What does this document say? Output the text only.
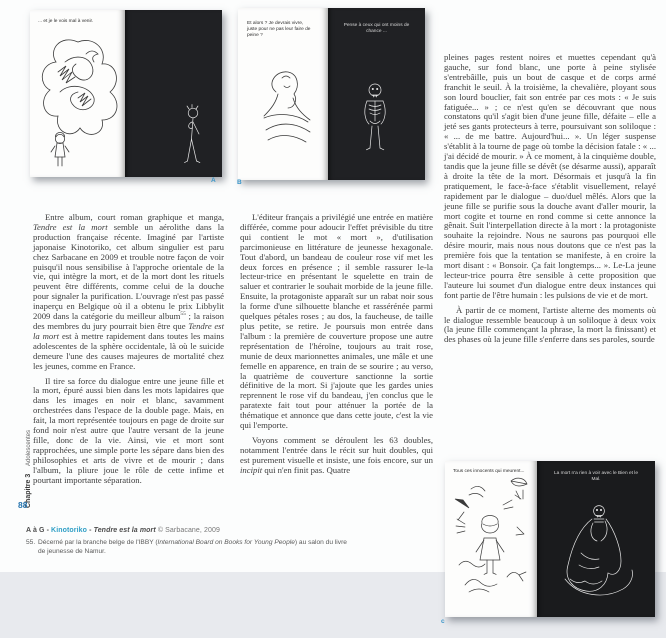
... et je le vois mal à venir.
A
Et alors ? Je devrais vivre, juste pour ne pas leur faire de peine ?
Pense à ceux qui ont moins de chance ...
B

Entre album, court roman graphique et manga, Tendre est la mort semble un aérolithe dans la production française récente. Imaginé par l'artiste japonaise Kinotoriko, cet album singulier est paru chez Sarbacane en 2009 et trouble notre façon de voir puisqu'il nous sensibilise à l'approche orientale de la vie, qui intègre la mort, et de la mort dont les rituels peuvent être différents, comme celui de la douche pour signaler la purification. L'ouvrage n'est pas passé inaperçu en Belgique où il a obtenu le prix Libbylit 2009 dans la catégorie du meilleur album$^{55}$ ; la raison des membres du jury pourrait bien être que Tendre est la mort est à mettre rapidement dans toutes les mains adolescentes de la sphère occidentale, là où le suicide demeure l'une des causes majeures de mortalité chez les jeunes, comme en France.

Il tire sa force du dialogue entre une jeune fille et la mort, épuré aussi bien dans les mots lapidaires que dans les images en noir et blanc, savamment orchestrées dans l'espace de la double page. Mais, en fait, la mort représentée toujours en page de droite sur fond noir n'est autre que l'autre versant de la jeune fille, donc de la vie. Ainsi, vie et mort sont rapprochées, une simple porte les sépare dans bien des philosophies et arts de vivre et de mourir ; dans l'album, la pliure joue le rôle de cette infime et pourtant importante séparation.

L'éditeur français a privilégié une entrée en matière différée, comme pour adoucir l'effet prévisible du titre qui contient le mot « mort », d'utilisation parcimonieuse en littérature de jeunesse hexagonale. Tout d'abord, un bandeau de couleur rose vif met les deux forces en présence ; il semble rassurer le-la lecteur-trice en présentant le squelette en train de saluer et contrarier le souhait morbide de la jeune fille. Ensuite, la protagoniste apparaît sur un rabat noir sous la forme d'une silhouette blanche et rassérénée parmi quelques pétales roses ; au dos, la faucheuse, de taille plus petite, se retire. Je poursuis mon entrée dans l'album : la première de couverture propose une autre représentation de l'héroïne, toujours au trait rose, munie de deux marionnettes animales, une mâle et une femelle en apparence, en train de se sourire ; au verso, la quatrième de couverture sanctionne la sortie définitive de la mort. Si j'ajoute que les gardes unies reprennent le rose vif du bandeau, j'en conclus que le paratexte fait tout pour atténuer la portée de la thématique et annonce que dans cette joute, c'est la vie qui l'emporte.

Voyons comment se déroulent les 63 doubles, notamment l'entrée dans le récit sur huit doubles, qui est purement visuelle et insiste, une fois encore, sur un incipit qui n'en finit pas. Quatre

pleines pages restent noires et muettes cependant qu'à gauche, sur fond blanc, une porte à peine stylisée s'entrebâille, puis un bout de casque et de corps armé franchit le seuil. À la troisième, la chevalière, ployant sous son lourd bouclier, fait son entrée par ces mots : « Je suis fatiguée... » ; ce n'est qu'en se découvrant que nous constatons qu'il s'agit bien d'une jeune fille, défaite – elle a jeté ses gants protecteurs à terre, poursuivant son soliloque : « ... de me battre. Aujourd'hui... ». Un léger suspense s'établit à la tourne de page où tombe la décision fatale : « ... j'ai décidé de mourir. » À ce moment, à la cinquième double, tandis que la jeune fille se dévêt (se désarme aussi), apparaît à droite la tête de la mort. Désormais et jusqu'à la fin pratiquement, le face-à-face s'établit visuellement, relayé rapidement par le dialogue – duo/duel mêlés. Alors que la jeune fille se purifie sous la douche avant d'aller mourir, la mort cogite et tourne en rond comme si cette annonce la gênait. Suit l'interpellation directe à la mort : la protagoniste souhaite la rejoindre. Nous ne saurons pas pourquoi elle désire mourir, mais nous nous doutons que ce n'est pas la première fois que la tentation se manifeste, à en croire la mort disant : « Bonsoir. Ça fait longtemps... ». Le-La jeune lecteur-trice pourra être sensible à cette proposition que l'auteure lui soumet d'un dialogue entre deux instances qui font partie de l'être humain : les pulsions de vie et de mort.

À partir de ce moment, l'artiste alterne des moments où le dialogue ressemble beaucoup à un soliloque à deux voix (la jeune fille commençant la phrase, la mort la finissant) et des phases où la jeune fille s'enferre dans ses paroles, sourde

Chapitre 3 Adolescentes
88
A à G - Kinotoriko - Tendre est la mort © Sarbacane, 2009
55. Décerné par la branche belge de l'IBBY (International Board on Books for Young People) au salon du livre de jeunesse de Namur.
Tous ces innocents qui meurent...	La mort n'a rien à voir avec le Bien et le Mal.
c
